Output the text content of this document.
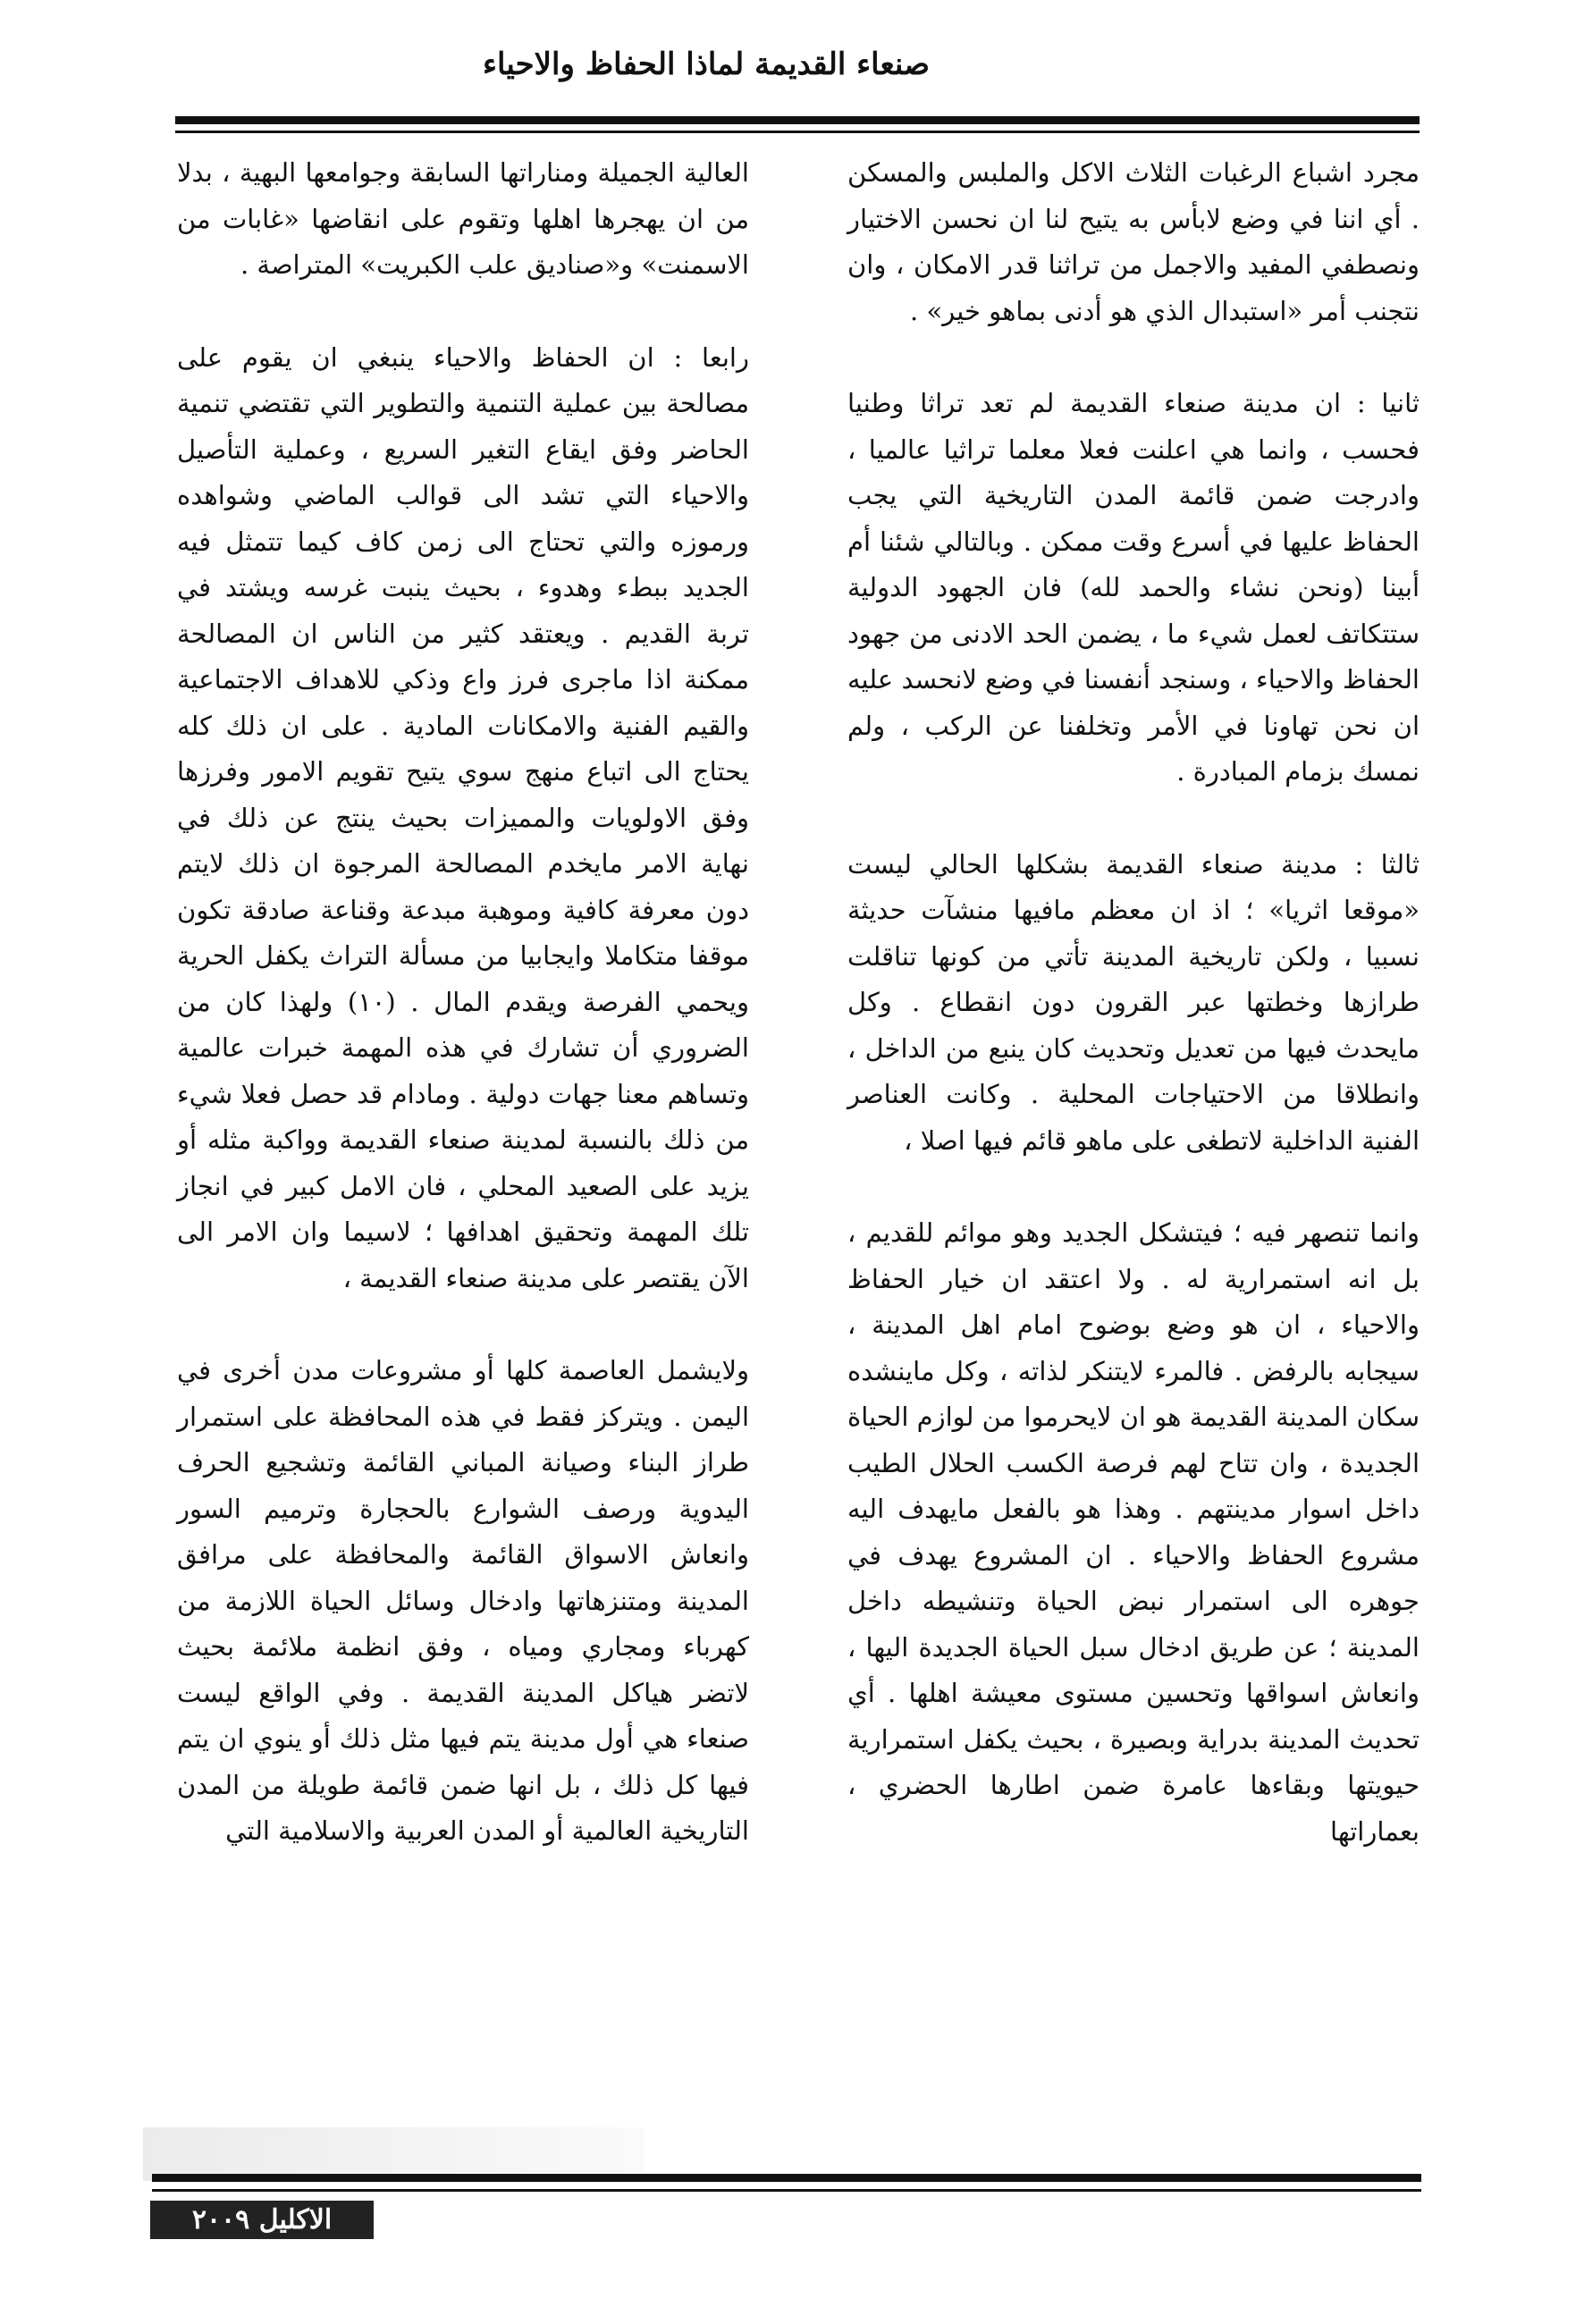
صنعاء القديمة لماذا الحفاظ والاحياء

مجرد اشباع الرغبات الثلاث الاكل والملبس والمسكن . أي اننا في وضع لابأس به يتيح لنا ان نحسن الاختيار ونصطفي المفيد والاجمل من تراثنا قدر الامكان ، وان نتجنب أمر «استبدال الذي هو أدنى بماهو خير» .

ثانيا : ان مدينة صنعاء القديمة لم تعد تراثا وطنيا فحسب ، وانما هي اعلنت فعلا معلما تراثيا عالميا ، وادرجت ضمن قائمة المدن التاريخية التي يجب الحفاظ عليها في أسرع وقت ممكن . وبالتالي شئنا أم أبينا (ونحن نشاء والحمد لله) فان الجهود الدولية ستتكاتف لعمل شيء ما ، يضمن الحد الادنى من جهود الحفاظ والاحياء ، وسنجد أنفسنا في وضع لانحسد عليه ان نحن تهاونا في الأمر وتخلفنا عن الركب ، ولم نمسك بزمام المبادرة .

ثالثا : مدينة صنعاء القديمة بشكلها الحالي ليست «موقعا اثريا» ؛ اذ ان معظم مافيها منشآت حديثة نسبيا ، ولكن تاريخية المدينة تأتي من كونها تناقلت طرازها وخطتها عبر القرون دون انقطاع . وكل مايحدث فيها من تعديل وتحديث كان ينبع من الداخل ، وانطلاقا من الاحتياجات المحلية . وكانت العناصر الفنية الداخلية لاتطغى على ماهو قائم فيها اصلا ،

وانما تنصهر فيه ؛ فيتشكل الجديد وهو موائم للقديم ، بل انه استمرارية له . ولا اعتقد ان خيار الحفاظ والاحياء ، ان هو وضع بوضوح امام اهل المدينة ، سيجابه بالرفض . فالمرء لايتنكر لذاته ، وكل ماينشده سكان المدينة القديمة هو ان لايحرموا من لوازم الحياة الجديدة ، وان تتاح لهم فرصة الكسب الحلال الطيب داخل اسوار مدينتهم . وهذا هو بالفعل مايهدف اليه مشروع الحفاظ والاحياء . ان المشروع يهدف في جوهره الى استمرار نبض الحياة وتنشيطه داخل المدينة ؛ عن طريق ادخال سبل الحياة الجديدة اليها ، وانعاش اسواقها وتحسين مستوى معيشة اهلها . أي تحديث المدينة بدراية وبصيرة ، بحيث يكفل استمرارية حيويتها وبقاءها عامرة ضمن اطارها الحضري ، بعماراتها

العالية الجميلة ومناراتها السابقة وجوامعها البهية ، بدلا من ان يهجرها اهلها وتقوم على انقاضها «غابات من الاسمنت» و«صناديق علب الكبريت» المتراصة .

رابعا : ان الحفاظ والاحياء ينبغي ان يقوم على مصالحة بين عملية التنمية والتطوير التي تقتضي تنمية الحاضر وفق ايقاع التغير السريع ، وعملية التأصيل والاحياء التي تشد الى قوالب الماضي وشواهده ورموزه والتي تحتاج الى زمن كاف كيما تتمثل فيه الجديد ببطء وهدوء ، بحيث ينبت غرسه ويشتد في تربة القديم . ويعتقد كثير من الناس ان المصالحة ممكنة اذا ماجرى فرز واع وذكي للاهداف الاجتماعية والقيم الفنية والامكانات المادية . على ان ذلك كله يحتاج الى اتباع منهج سوي يتيح تقويم الامور وفرزها وفق الاولويات والمميزات بحيث ينتج عن ذلك في نهاية الامر مايخدم المصالحة المرجوة ان ذلك لايتم دون معرفة كافية وموهبة مبدعة وقناعة صادقة تكون موقفا متكاملا وايجابيا من مسألة التراث يكفل الحرية ويحمي الفرصة ويقدم المال . (١٠) ولهذا كان من الضروري أن تشارك في هذه المهمة خبرات عالمية وتساهم معنا جهات دولية . ومادام قد حصل فعلا شيء من ذلك بالنسبة لمدينة صنعاء القديمة وواكبة مثله أو يزيد على الصعيد المحلي ، فان الامل كبير في انجاز تلك المهمة وتحقيق اهدافها ؛ لاسيما وان الامر الى الآن يقتصر على مدينة صنعاء القديمة ،

ولايشمل العاصمة كلها أو مشروعات مدن أخرى في اليمن . ويتركز فقط في هذه المحافظة على استمرار طراز البناء وصيانة المباني القائمة وتشجيع الحرف اليدوية ورصف الشوارع بالحجارة وترميم السور وانعاش الاسواق القائمة والمحافظة على مرافق المدينة ومتنزهاتها وادخال وسائل الحياة اللازمة من كهرباء ومجاري ومياه ، وفق انظمة ملائمة بحيث لاتضر هياكل المدينة القديمة . وفي الواقع ليست صنعاء هي أول مدينة يتم فيها مثل ذلك أو ينوي ان يتم فيها كل ذلك ، بل انها ضمن قائمة طويلة من المدن التاريخية العالمية أو المدن العربية والاسلامية التي

الاكليل ٢٠٠٩
